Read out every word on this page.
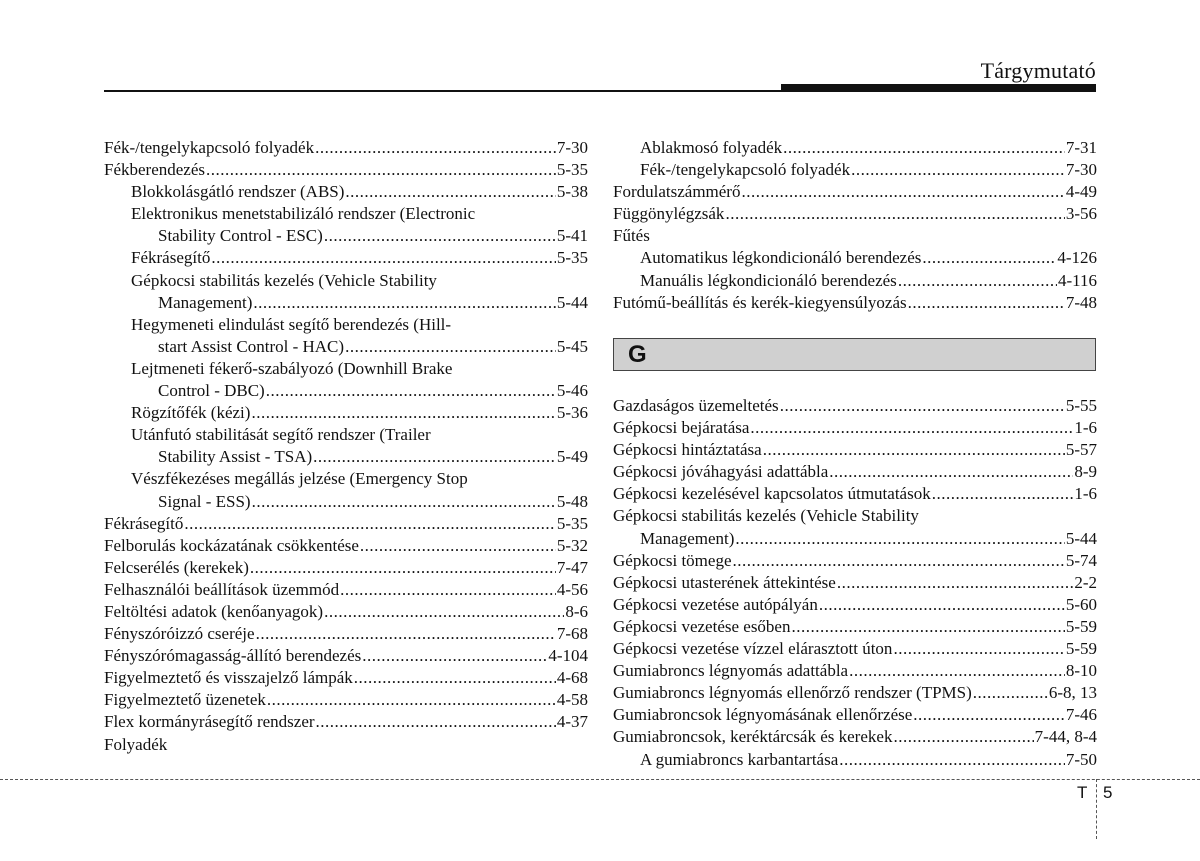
Tárgymutató
Fék-/tengelykapcsoló folyadék .....	7-30
Fékberendezés .....	5-35
Blokkolásgátló rendszer (ABS) .....	5-38
Elektronikus menetstabilizáló rendszer (Electronic
Stability Control - ESC) .....	5-41
Fékrásegítő .....	5-35
Gépkocsi stabilitás kezelés (Vehicle Stability
Management) .....	5-44
Hegymeneti elindulást segítő berendezés (Hill-
start Assist Control - HAC) .....	5-45
Lejtmeneti fékerő-szabályozó (Downhill Brake
Control - DBC) .....	5-46
Rögzítőfék (kézi) .....	5-36
Utánfutó stabilitását segítő rendszer (Trailer
Stability Assist - TSA) .....	5-49
Vészfékezéses megállás jelzése (Emergency Stop
Signal - ESS) .....	5-48
Fékrásegítő .....	5-35
Felborulás kockázatának csökkentése .....	5-32
Felcserélés (kerekek) .....	7-47
Felhasználói beállítások üzemmód .....	4-56
Feltöltési adatok (kenőanyagok) .....	8-6
Fényszóróizzó cseréje .....	7-68
Fényszórómagasság-állító berendezés .....	4-104
Figyelmeztető és visszajelző lámpák .....	4-68
Figyelmeztető üzenetek .....	4-58
Flex kormányrásegítő rendszer .....	4-37
Folyadék
Ablakmosó folyadék .....	7-31
Fék-/tengelykapcsoló folyadék .....	7-30
Fordulatszámmérő .....	4-49
Függönylégzsák .....	3-56
Fűtés
Automatikus légkondicionáló berendezés .....	4-126
Manuális légkondicionáló berendezés .....	4-116
Futómű-beállítás és kerék-kiegyensúlyozás .....	7-48
G
Gazdaságos üzemeltetés .....	5-55
Gépkocsi bejáratása .....	1-6
Gépkocsi hintáztatása .....	5-57
Gépkocsi jóváhagyási adattábla .....	8-9
Gépkocsi kezelésével kapcsolatos útmutatások .....	1-6
Gépkocsi stabilitás kezelés (Vehicle Stability
Management) .....	5-44
Gépkocsi tömege .....	5-74
Gépkocsi utasterének áttekintése .....	2-2
Gépkocsi vezetése autópályán .....	5-60
Gépkocsi vezetése esőben .....	5-59
Gépkocsi vezetése vízzel elárasztott úton .....	5-59
Gumiabroncs légnyomás adattábla .....	8-10
Gumiabroncs légnyomás ellenőrző rendszer (TPMS) .....	6-8, 13
Gumiabroncsok légnyomásának ellenőrzése .....	7-46
Gumiabroncsok, keréktárcsák és kerekek .....	7-44, 8-4
A gumiabroncs karbantartása .....	7-50
T 5
